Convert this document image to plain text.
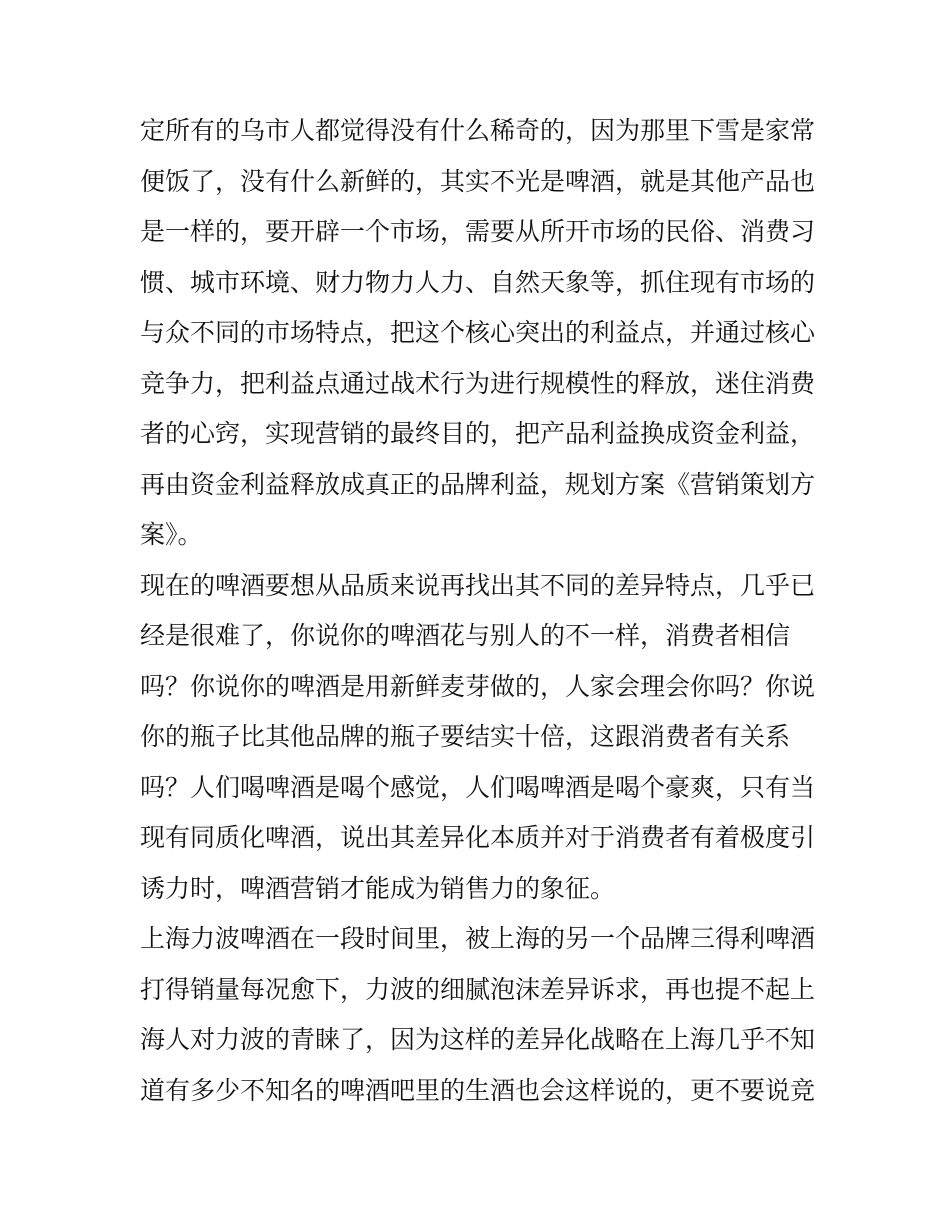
定所有的乌市人都觉得没有什么稀奇的，因为那里下雪是家常
便饭了，没有什么新鲜的，其实不光是啤酒，就是其他产品也
是一样的，要开辟一个市场，需要从所开市场的民俗、消费习
惯、城市环境、财力物力人力、自然天象等，抓住现有市场的
与众不同的市场特点，把这个核心突出的利益点，并通过核心
竞争力，把利益点通过战术行为进行规模性的释放，迷住消费
者的心窍，实现营销的最终目的，把产品利益换成资金利益，
再由资金利益释放成真正的品牌利益，规划方案《营销策划方
案》。
现在的啤酒要想从品质来说再找出其不同的差异特点，几乎已
经是很难了，你说你的啤酒花与别人的不一样，消费者相信
吗？你说你的啤酒是用新鲜麦芽做的，人家会理会你吗？你说
你的瓶子比其他品牌的瓶子要结实十倍，这跟消费者有关系
吗？人们喝啤酒是喝个感觉，人们喝啤酒是喝个豪爽，只有当
现有同质化啤酒，说出其差异化本质并对于消费者有着极度引
诱力时，啤酒营销才能成为销售力的象征。
上海力波啤酒在一段时间里，被上海的另一个品牌三得利啤酒
打得销量每况愈下，力波的细腻泡沫差异诉求，再也提不起上
海人对力波的青睐了，因为这样的差异化战略在上海几乎不知
道有多少不知名的啤酒吧里的生酒也会这样说的，更不要说竞
